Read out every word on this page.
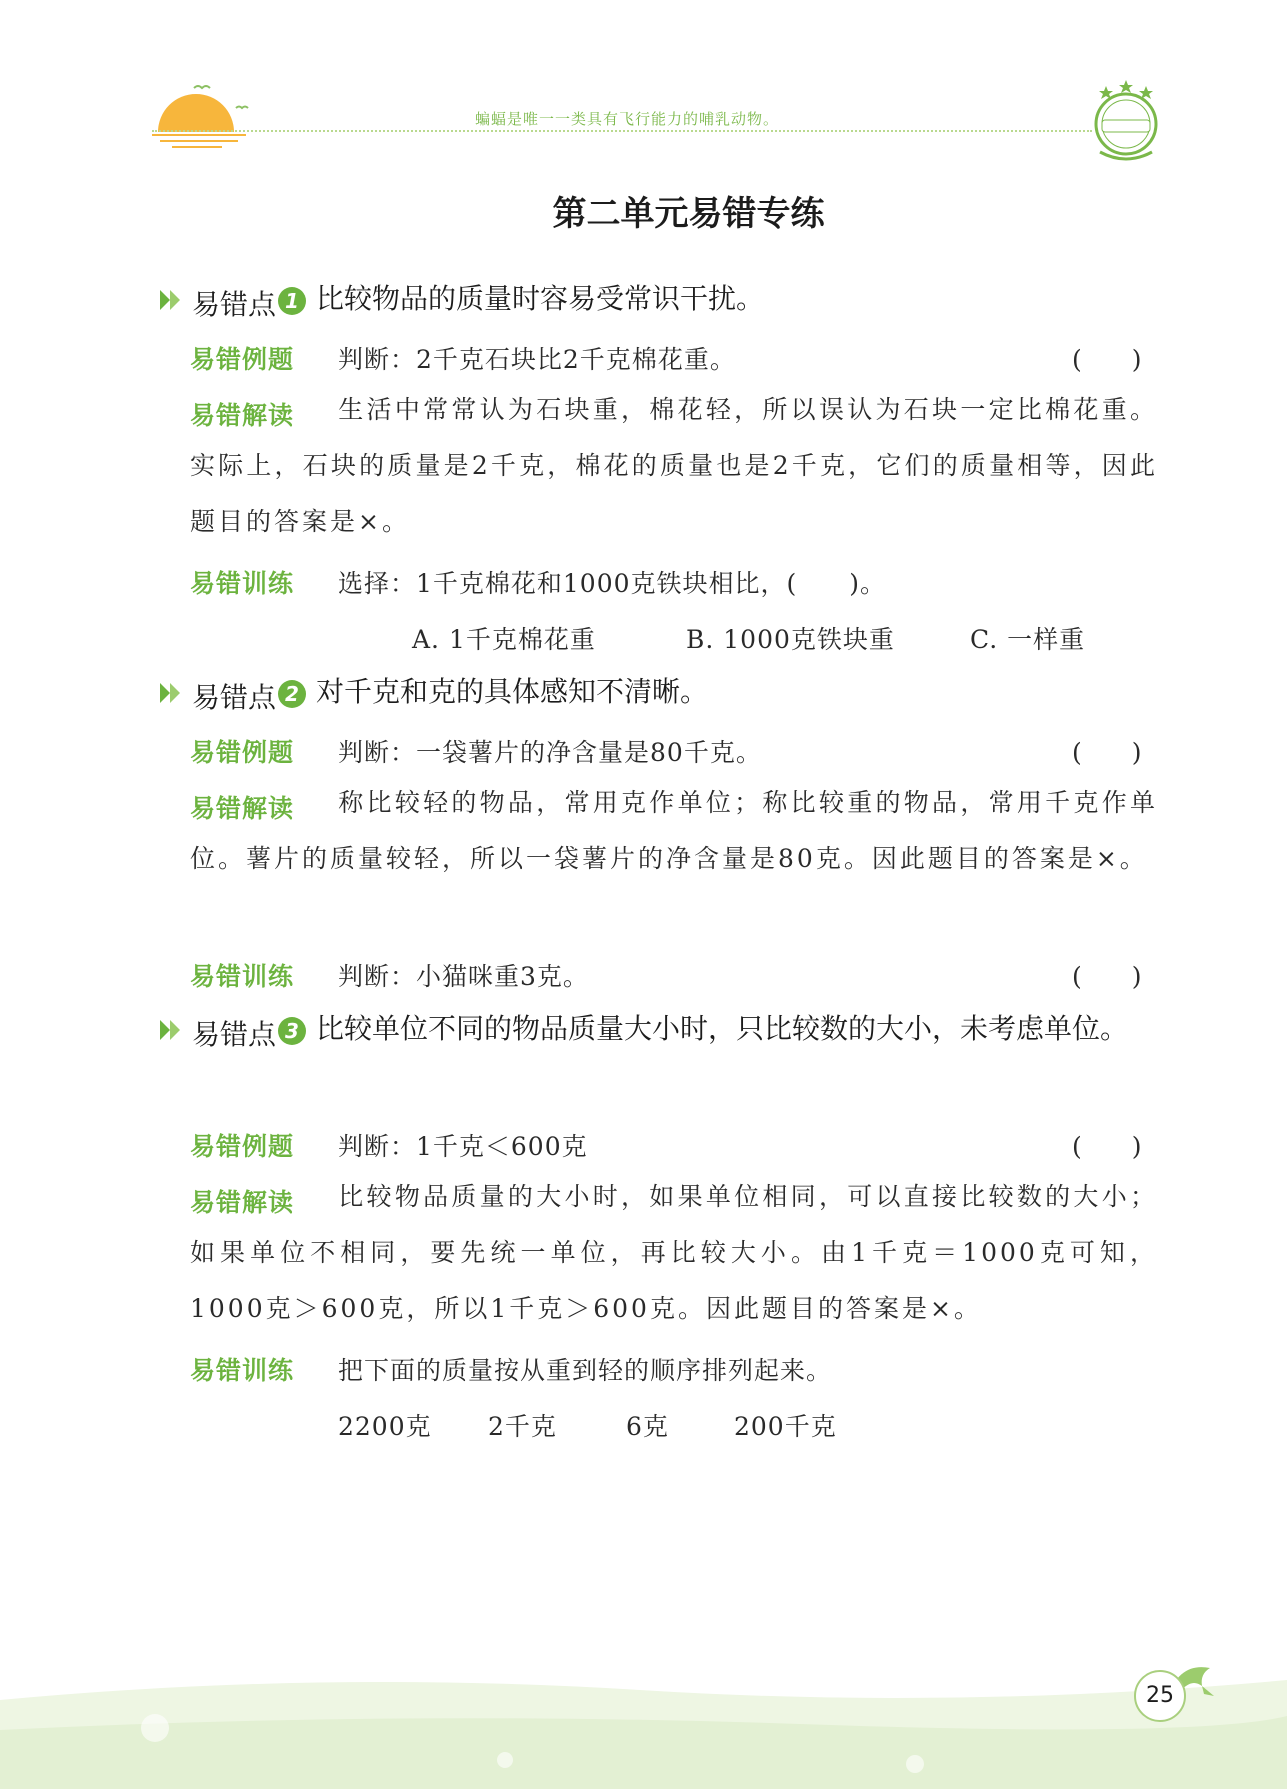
蝙蝠是唯一一类具有飞行能力的哺乳动物。
第二单元易错专练
易错点 1 比较物品的质量时容易受常识干扰。
易错例题 判断：2千克石块比2千克棉花重。	(　　)
易错解读	生活中常常认为石块重，棉花轻，所以误认为石块一定比棉花重。实际上，石块的质量是2千克，棉花的质量也是2千克，它们的质量相等，因此题目的答案是×。
易错训练 选择：1千克棉花和1000克铁块相比，(　　)。
A. 1千克棉花重	B. 1000克铁块重	C. 一样重
易错点 2 对千克和克的具体感知不清晰。
易错例题 判断：一袋薯片的净含量是80千克。	(　　)
易错解读	称比较轻的物品，常用克作单位；称比较重的物品，常用千克作单位。薯片的质量较轻，所以一袋薯片的净含量是80克。因此题目的答案是×。
易错训练 判断：小猫咪重3克。	(　　)
易错点 3 比较单位不同的物品质量大小时，只比较数的大小，未考虑单位。
易错例题 判断：1千克＜600克	(　　)
易错解读	比较物品质量的大小时，如果单位相同，可以直接比较数的大小；如果单位不相同，要先统一单位，再比较大小。由1千克＝1000克可知，1000克＞600克，所以1千克＞600克。因此题目的答案是×。
易错训练 把下面的质量按从重到轻的顺序排列起来。
2200克 2千克	6克	200千克
25
